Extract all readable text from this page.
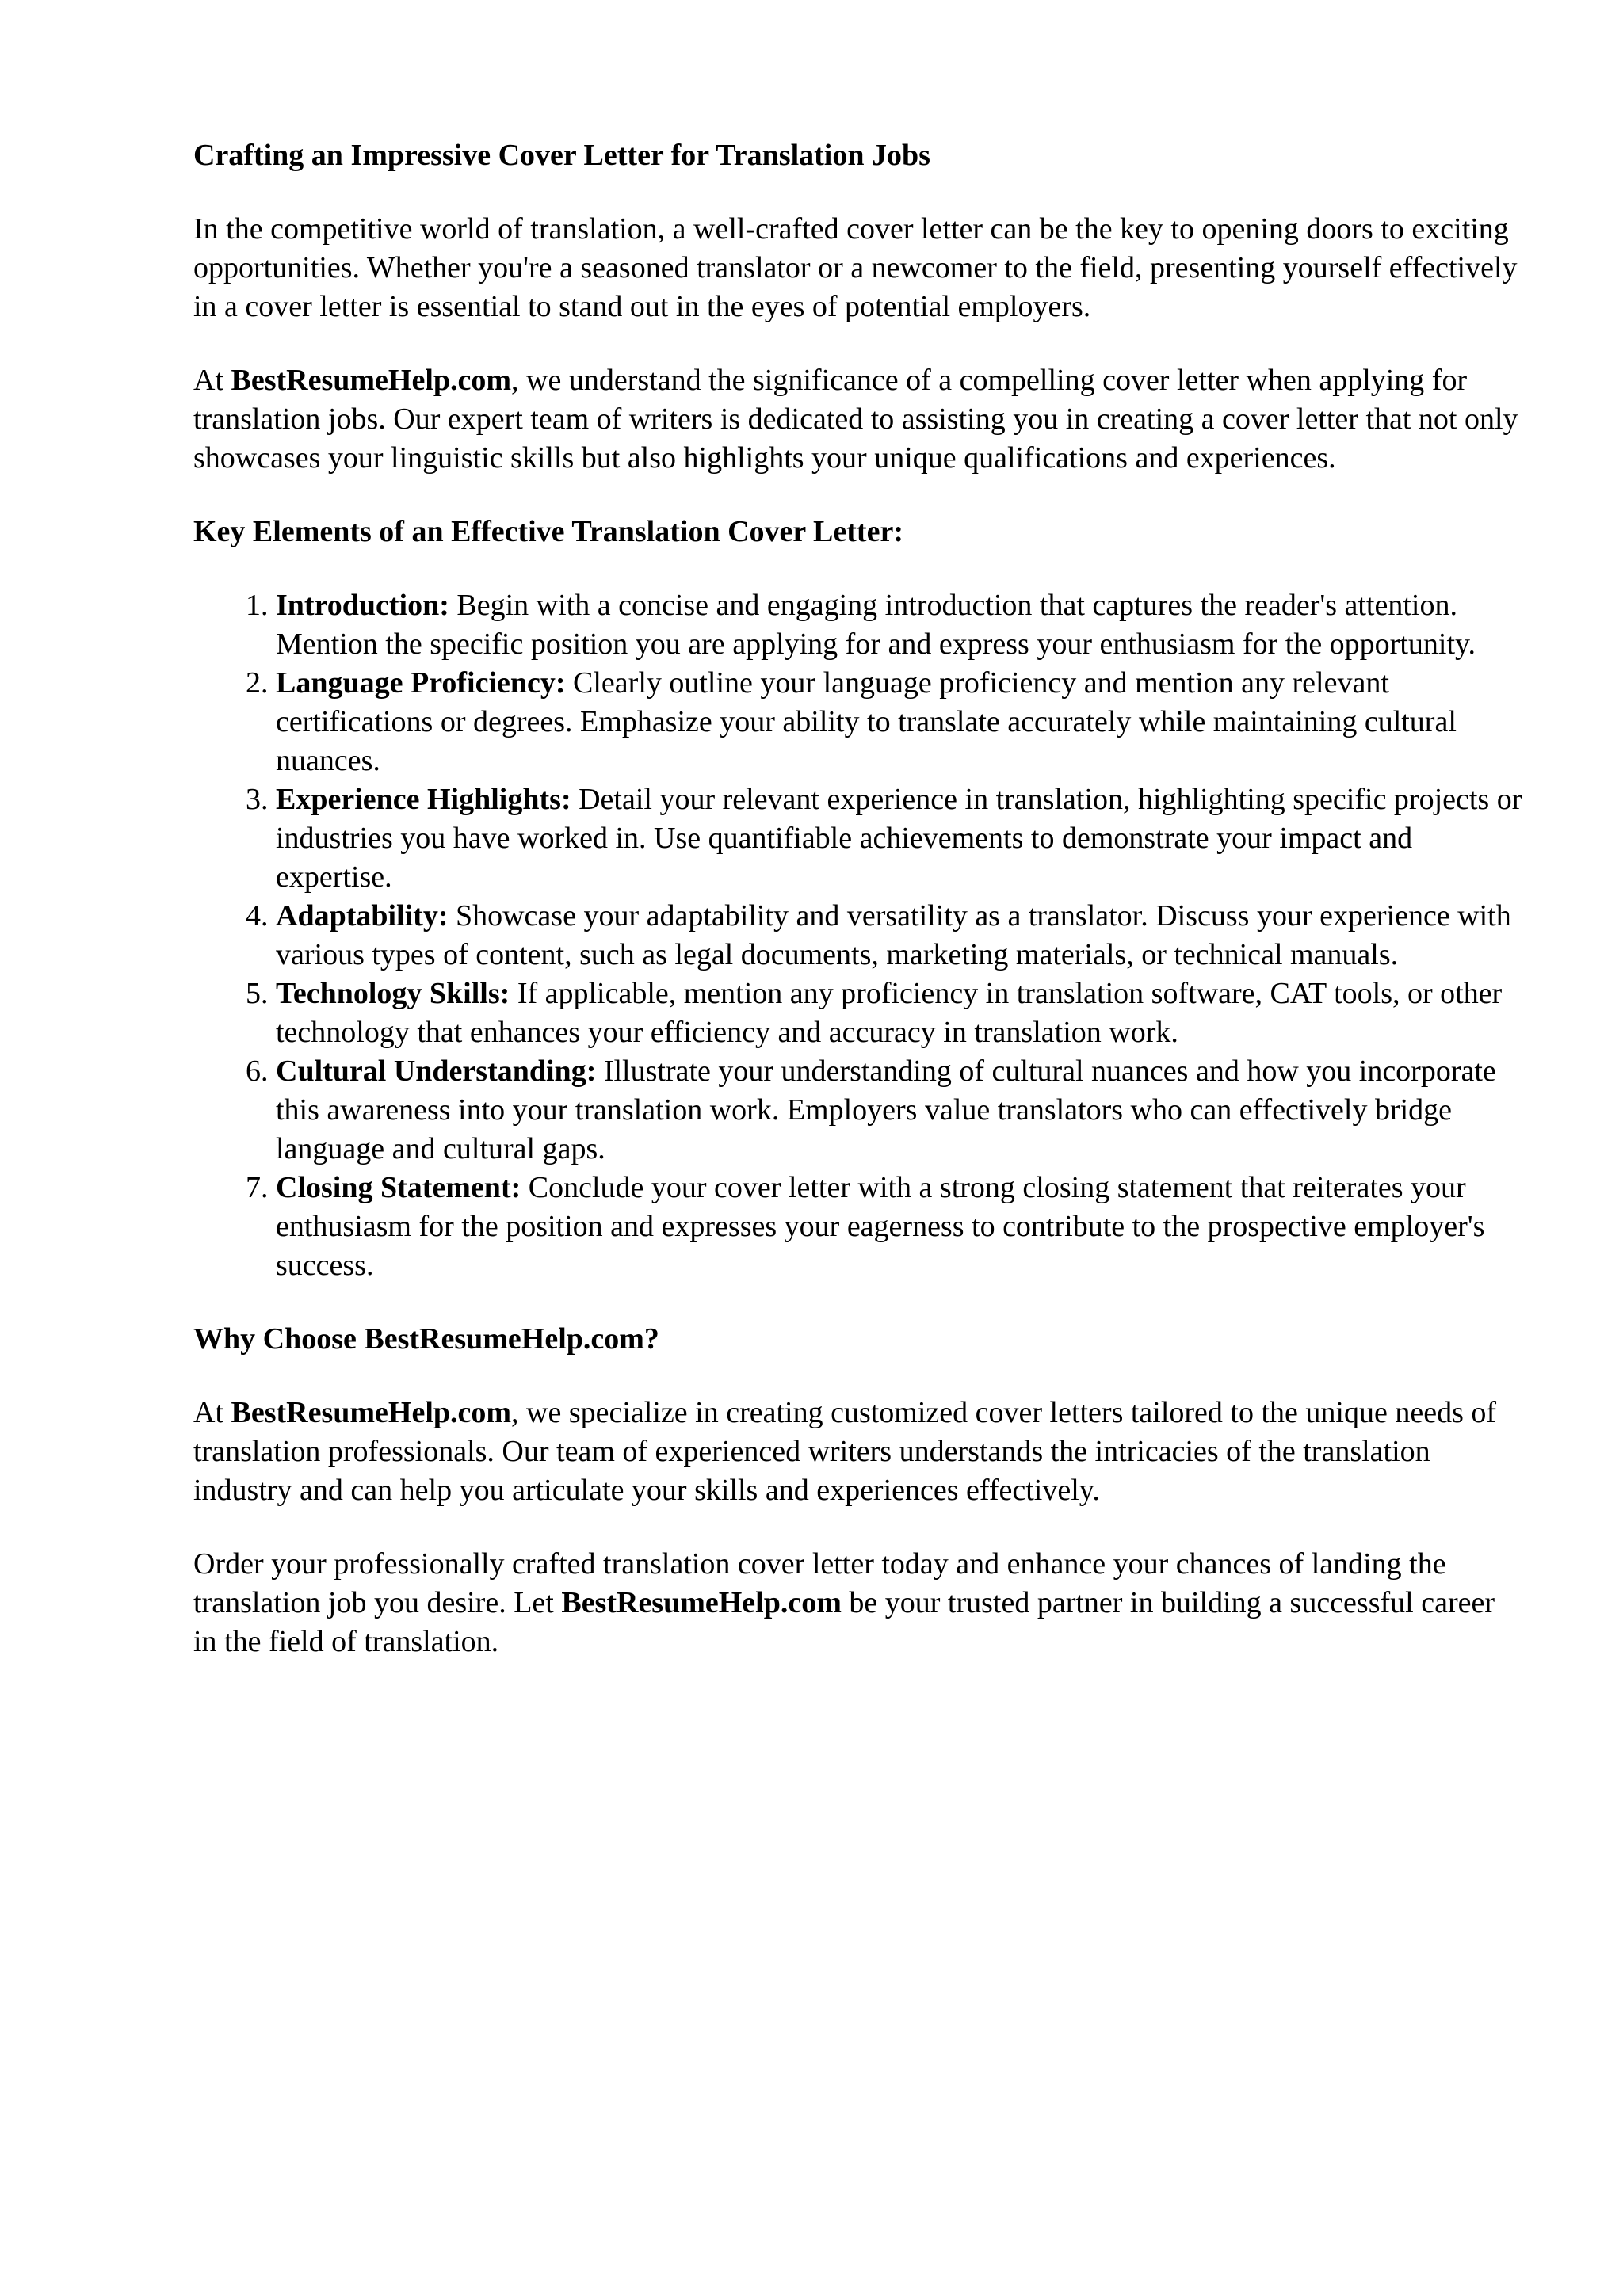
Crafting an Impressive Cover Letter for Translation Jobs

In the competitive world of translation, a well-crafted cover letter can be the key to opening doors to exciting opportunities. Whether you're a seasoned translator or a newcomer to the field, presenting yourself effectively in a cover letter is essential to stand out in the eyes of potential employers.

At BestResumeHelp.com, we understand the significance of a compelling cover letter when applying for translation jobs. Our expert team of writers is dedicated to assisting you in creating a cover letter that not only showcases your linguistic skills but also highlights your unique qualifications and experiences.

Key Elements of an Effective Translation Cover Letter:
1. Introduction: Begin with a concise and engaging introduction that captures the reader's attention. Mention the specific position you are applying for and express your enthusiasm for the opportunity.
2. Language Proficiency: Clearly outline your language proficiency and mention any relevant certifications or degrees. Emphasize your ability to translate accurately while maintaining cultural nuances.
3. Experience Highlights: Detail your relevant experience in translation, highlighting specific projects or industries you have worked in. Use quantifiable achievements to demonstrate your impact and expertise.
4. Adaptability: Showcase your adaptability and versatility as a translator. Discuss your experience with various types of content, such as legal documents, marketing materials, or technical manuals.
5. Technology Skills: If applicable, mention any proficiency in translation software, CAT tools, or other technology that enhances your efficiency and accuracy in translation work.
6. Cultural Understanding: Illustrate your understanding of cultural nuances and how you incorporate this awareness into your translation work. Employers value translators who can effectively bridge language and cultural gaps.
7. Closing Statement: Conclude your cover letter with a strong closing statement that reiterates your enthusiasm for the position and expresses your eagerness to contribute to the prospective employer's success.
Why Choose BestResumeHelp.com?

At BestResumeHelp.com, we specialize in creating customized cover letters tailored to the unique needs of translation professionals. Our team of experienced writers understands the intricacies of the translation industry and can help you articulate your skills and experiences effectively.

Order your professionally crafted translation cover letter today and enhance your chances of landing the translation job you desire. Let BestResumeHelp.com be your trusted partner in building a successful career in the field of translation.
